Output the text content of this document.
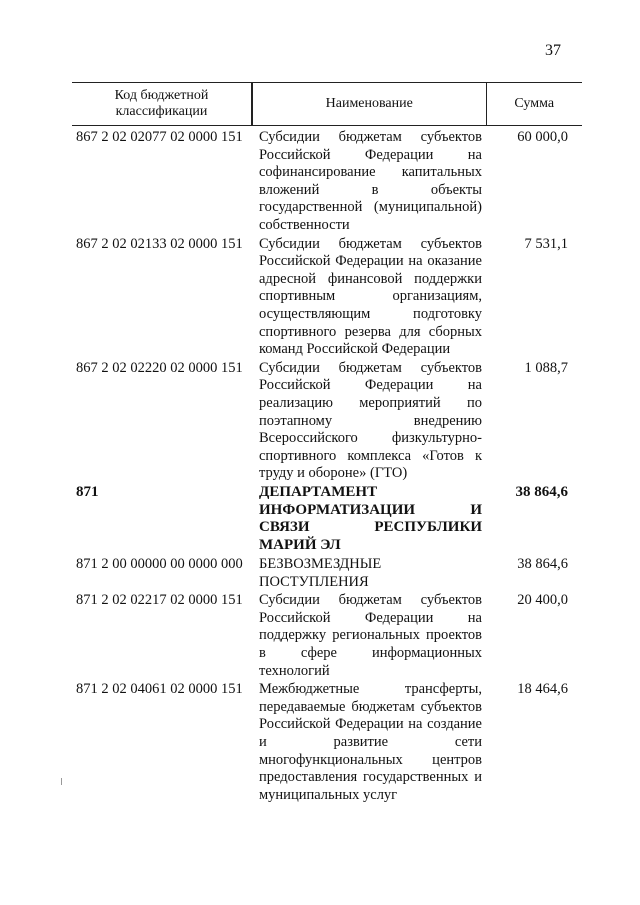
37
Код бюджетной классификации	Наименование	Сумма
867 2 02 02077 02 0000 151	Субсидии бюджетам субъектов Российской Федерации на софинансирование капитальных вложений в объекты государственной (муниципальной) собственности	60 000,0
867 2 02 02133 02 0000 151	Субсидии бюджетам субъектов Российской Федерации на оказание адресной финансовой поддержки спортивным организациям, осуществляющим подготовку спортивного резерва для сборных команд Российской Федерации	7 531,1
867 2 02 02220 02 0000 151	Субсидии бюджетам субъектов Российской Федерации на реализацию мероприятий по поэтапному внедрению Всероссийского физкультурно-спортивного комплекса «Готов к труду и обороне» (ГТО)	1 088,7
871	ДЕПАРТАМЕНТ ИНФОРМАТИЗАЦИИ И СВЯЗИ РЕСПУБЛИКИ МАРИЙ ЭЛ	38 864,6
871 2 00 00000 00 0000 000	БЕЗВОЗМЕЗДНЫЕ ПОСТУПЛЕНИЯ	38 864,6
871 2 02 02217 02 0000 151	Субсидии бюджетам субъектов Российской Федерации на поддержку региональных проектов в сфере информационных технологий	20 400,0
871 2 02 04061 02 0000 151	Межбюджетные трансферты, передаваемые бюджетам субъектов Российской Федерации на создание и развитие сети многофункциональных центров предоставления государственных и муниципальных услуг	18 464,6
